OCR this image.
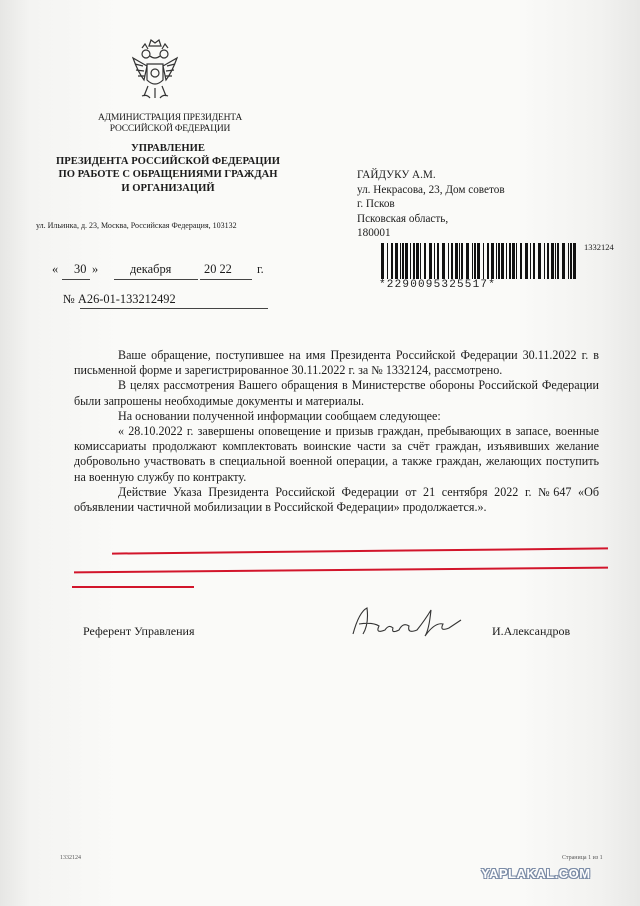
АДМИНИСТРАЦИЯ ПРЕЗИДЕНТА
РОССИЙСКОЙ ФЕДЕРАЦИИ
УПРАВЛЕНИЕ
ПРЕЗИДЕНТА РОССИЙСКОЙ ФЕДЕРАЦИИ
ПО РАБОТЕ С ОБРАЩЕНИЯМИ ГРАЖДАН
И ОРГАНИЗАЦИЙ
ул. Ильинка, д. 23, Москва, Российская Федерация, 103132
ГАЙДУКУ А.М.
ул. Некрасова, 23, Дом советов
г. Псков
Псковская область,
180001
*2290095325517*
1332124
« 30 »	декабря	20 22 г.
№ А26-01-133212492

Ваше обращение, поступившее на имя Президента Российской Федерации 30.11.2022 г. в письменной форме и зарегистрированное 30.11.2022 г. за № 1332124, рассмотрено.

В целях рассмотрения Вашего обращения в Министерстве обороны Российской Федерации были запрошены необходимые документы и материалы.

На основании полученной информации сообщаем следующее:

« 28.10.2022 г. завершены оповещение и призыв граждан, пребывающих в запасе, военные комиссариаты продолжают комплектовать воинские части за счёт граждан, изъявивших желание добровольно участвовать в специальной военной операции, а также граждан, желающих поступить на военную службу по контракту.

Действие Указа Президента Российской Федерации от 21 сентября 2022 г. №647 «Об объявлении частичной мобилизации в Российской Федерации» продолжается.».

Референт Управления	И.Александров
1332124	Страница 1 из 1
YAPLAKAL.COM
